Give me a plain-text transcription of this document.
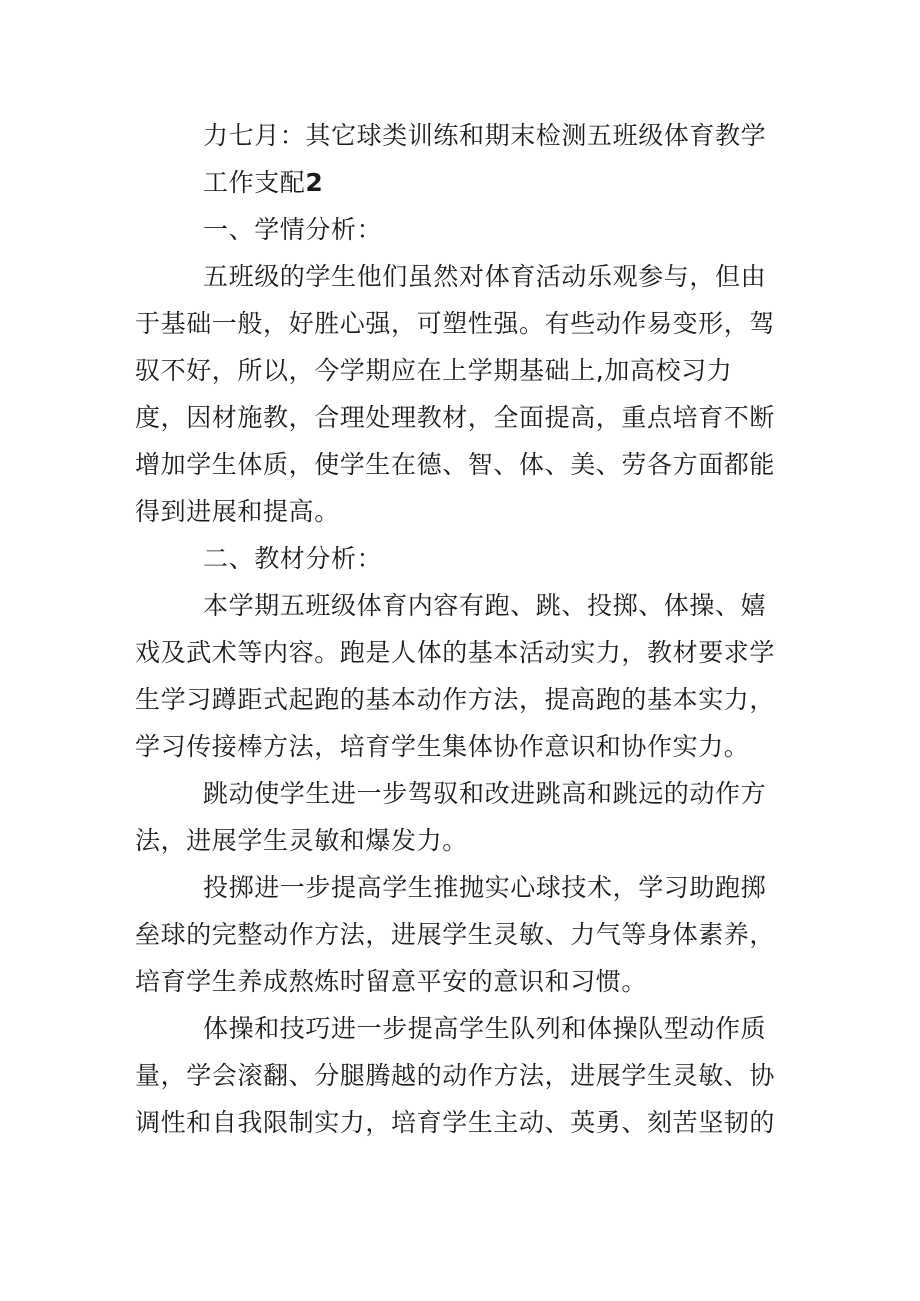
力七月：其它球类训练和期末检测五班级体育教学
工作支配2
一、学情分析：
五班级的学生他们虽然对体育活动乐观参与，但由
于基础一般，好胜心强，可塑性强。有些动作易变形，驾
驭不好，所以，今学期应在上学期基础上,加高校习力
度，因材施教，合理处理教材，全面提高，重点培育不断
增加学生体质，使学生在德、智、体、美、劳各方面都能
得到进展和提高。
二、教材分析：
本学期五班级体育内容有跑、跳、投掷、体操、嬉
戏及武术等内容。跑是人体的基本活动实力，教材要求学
生学习蹲距式起跑的基本动作方法，提高跑的基本实力，
学习传接棒方法，培育学生集体协作意识和协作实力。
跳动使学生进一步驾驭和改进跳高和跳远的动作方
法，进展学生灵敏和爆发力。
投掷进一步提高学生推抛实心球技术，学习助跑掷
垒球的完整动作方法，进展学生灵敏、力气等身体素养，
培育学生养成熬炼时留意平安的意识和习惯。
体操和技巧进一步提高学生队列和体操队型动作质
量，学会滚翻、分腿腾越的动作方法，进展学生灵敏、协
调性和自我限制实力，培育学生主动、英勇、刻苦坚韧的
